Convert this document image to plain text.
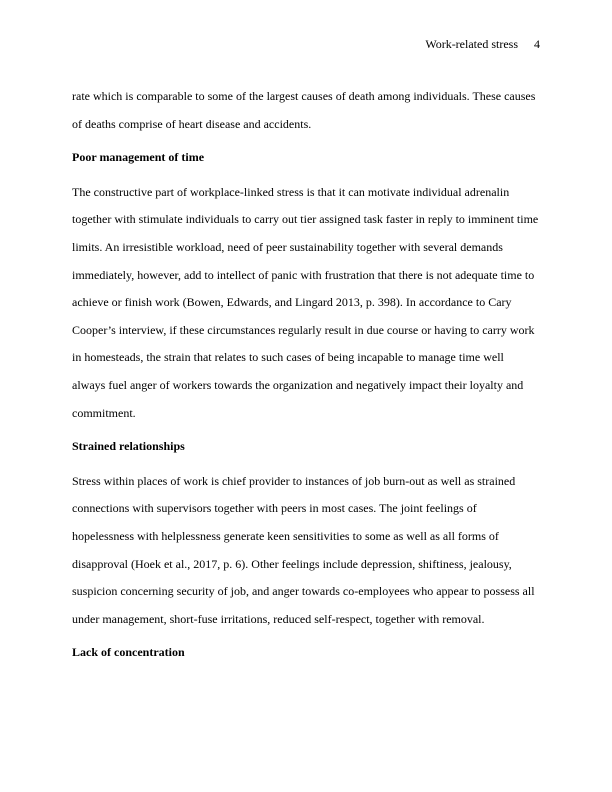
Work-related stress 4

rate which is comparable to some of the largest causes of death among individuals. These causes
of deaths comprise of heart disease and accidents.

Poor management of time

The constructive part of workplace-linked stress is that it can motivate individual adrenalin
together with stimulate individuals to carry out tier assigned task faster in reply to imminent time
limits. An irresistible workload, need of peer sustainability together with several demands
immediately, however, add to intellect of panic with frustration that there is not adequate time to
achieve or finish work (Bowen, Edwards, and Lingard 2013, p. 398). In accordance to Cary
Cooper’s interview, if these circumstances regularly result in due course or having to carry work
in homesteads, the strain that relates to such cases of being incapable to manage time well
always fuel anger of workers towards the organization and negatively impact their loyalty and
commitment.

Strained relationships

Stress within places of work is chief provider to instances of job burn-out as well as strained
connections with supervisors together with peers in most cases. The joint feelings of
hopelessness with helplessness generate keen sensitivities to some as well as all forms of
disapproval (Hoek et al., 2017, p. 6). Other feelings include depression, shiftiness, jealousy,
suspicion concerning security of job, and anger towards co-employees who appear to possess all
under management, short-fuse irritations, reduced self-respect, together with removal.

Lack of concentration
